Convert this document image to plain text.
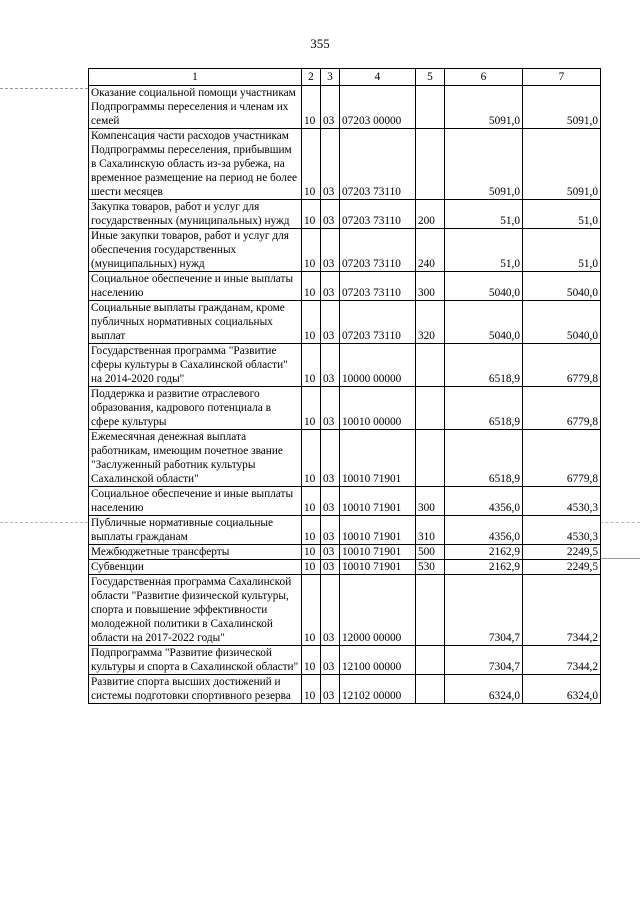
355
1	2	3	4	5	6	7
Оказание социальной помощи участникам Подпрограммы переселения и членам их семей	10	03	07203 00000		5091,0	5091,0
Компенсация части расходов участникам Подпрограммы переселения, прибывшим в Сахалинскую область из-за рубежа, на временное размещение на период не более шести месяцев	10	03	07203 73110		5091,0	5091,0
Закупка товаров, работ и услуг для государственных (муниципальных) нужд	10	03	07203 73110	200	51,0	51,0
Иные закупки товаров, работ и услуг для обеспечения государственных (муниципальных) нужд	10	03	07203 73110	240	51,0	51,0
Социальное обеспечение и иные выплаты населению	10	03	07203 73110	300	5040,0	5040,0
Социальные выплаты гражданам, кроме публичных нормативных социальных выплат	10	03	07203 73110	320	5040,0	5040,0
Государственная программа "Развитие сферы культуры в Сахалинской области" на 2014-2020 годы"	10	03	10000 00000		6518,9	6779,8
Поддержка и развитие отраслевого образования, кадрового потенциала в сфере культуры	10	03	10010 00000		6518,9	6779,8
Ежемесячная денежная выплата работникам, имеющим почетное звание "Заслуженный работник культуры Сахалинской области"	10	03	10010 71901		6518,9	6779,8
Социальное обеспечение и иные выплаты населению	10	03	10010 71901	300	4356,0	4530,3
Публичные нормативные социальные выплаты гражданам	10	03	10010 71901	310	4356,0	4530,3
Межбюджетные трансферты	10	03	10010 71901	500	2162,9	2249,5
Субвенции	10	03	10010 71901	530	2162,9	2249,5
Государственная программа Сахалинской области "Развитие физической культуры, спорта и повышение эффективности молодежной политики в Сахалинской области на 2017-2022 годы"	10	03	12000 00000		7304,7	7344,2
Подпрограмма "Развитие физической культуры и спорта в Сахалинской области"	10	03	12100 00000		7304,7	7344,2
Развитие спорта высших достижений и системы подготовки спортивного резерва	10	03	12102 00000		6324,0	6324,0
